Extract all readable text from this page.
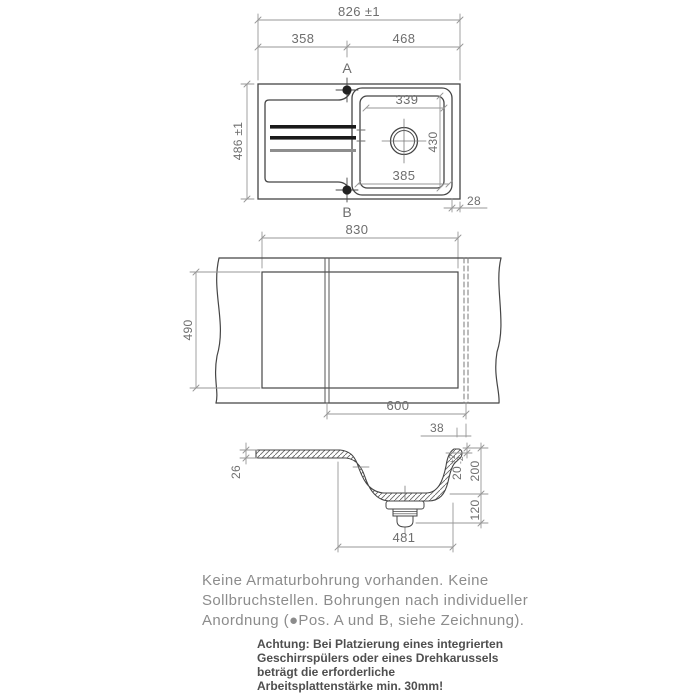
826 ±1
358	468
A
B
339
385
430
486 ±1
28
830
490
600
38
26	20
+2
-2
200
120
481
Keine Armaturbohrung vorhanden. Keine
Sollbruchstellen. Bohrungen nach individueller
Anordnung (●Pos. A und B, siehe Zeichnung).
Achtung: Bei Platzierung eines integrierten
Geschirrspülers oder eines Drehkarussels
beträgt die erforderliche
Arbeitsplattenstärke min. 30mm!
